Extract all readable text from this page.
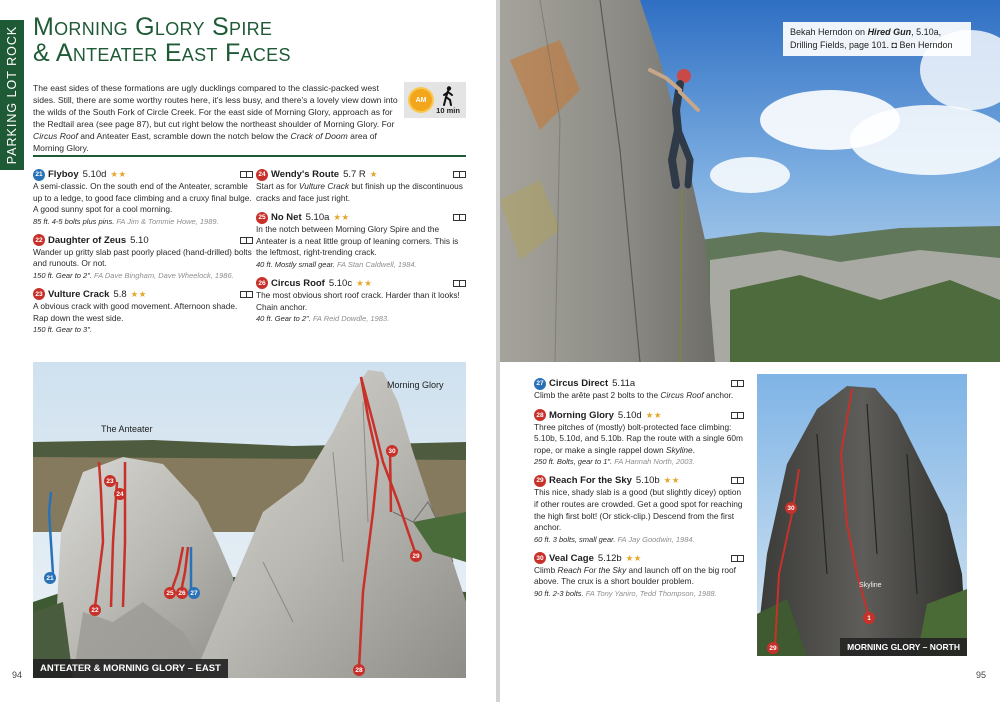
PARKING LOT ROCK Morning Glory Spire
& Anteater East Faces

The east sides of these formations are ugly ducklings compared to the classic-packed west sides. Still, there are some worthy routes here, it's less busy, and there's a lovely view down into the wilds of the South Fork of Circle Creek. For the east side of Morning Glory, approach as for the Redtail area (see page 87), but cut right below the northeast shoulder of Morning Glory. For Circus Roof and Anteater East, scramble down the notch below the Crack of Doom area of Morning Glory.

AM
10 min
21 Flyboy 5.10d ★★
A semi-classic. On the south end of the Anteater, scramble up to a ledge, to good face climbing and a cruxy final bulge. A good sunny spot for a cool morning.
85 ft. 4-5 bolts plus pins. FA Jim & Tommie Howe, 1989.
22 Daughter of Zeus 5.10
Wander up gritty slab past poorly placed (hand-drilled) bolts and runouts. Or not.
150 ft. Gear to 2". FA Dave Bingham, Dave Wheelock, 1986.
23 Vulture Crack 5.8 ★★
A obvious crack with good movement. Afternoon shade. Rap down the west side.
150 ft. Gear to 3".
24 Wendy's Route 5.7 R ★
Start as for Vulture Crack but finish up the discontinuous cracks and face just right.
25 No Net 5.10a ★★
In the notch between Morning Glory Spire and the Anteater is a neat little group of leaning corners. This is the leftmost, right-trending crack.
40 ft. Mostly small gear. FA Stan Caldwell, 1984.
26 Circus Roof 5.10c ★★
The most obvious short roof crack. Harder than it looks! Chain anchor.
40 ft. Gear to 2". FA Reid Dowdle, 1983.
The Anteater
Morning Glory
21
22
23
24
25 26 27
28
29
30
ANTEATER & MORNING GLORY – EAST
94
Bekah Herndon on Hired Gun, 5.10a, Drilling Fields, page 101. ◘ Ben Herndon
27 Circus Direct 5.11a
Climb the arête past 2 bolts to the Circus Roof anchor.
28 Morning Glory 5.10d ★★
Three pitches of (mostly) bolt-protected face climbing: 5.10b, 5.10d, and 5.10b. Rap the route with a single 60m rope, or make a single rappel down Skyline.
250 ft. Bolts, gear to 1". FA Hannah North, 2003.
29 Reach For the Sky 5.10b ★★
This nice, shady slab is a good (but slightly dicey) option if other routes are crowded. Get a good spot for reaching the high first bolt! (Or stick-clip.) Descend from the first anchor.
60 ft. 3 bolts, small gear. FA Jay Goodwin, 1984.
30 Veal Cage 5.12b ★★
Climb Reach For the Sky and launch off on the big roof above. The crux is a short boulder problem.
90 ft. 2-3 bolts. FA Tony Yaniro, Tedd Thompson, 1988.
29
30
1
Skyline
MORNING GLORY – NORTH
95
